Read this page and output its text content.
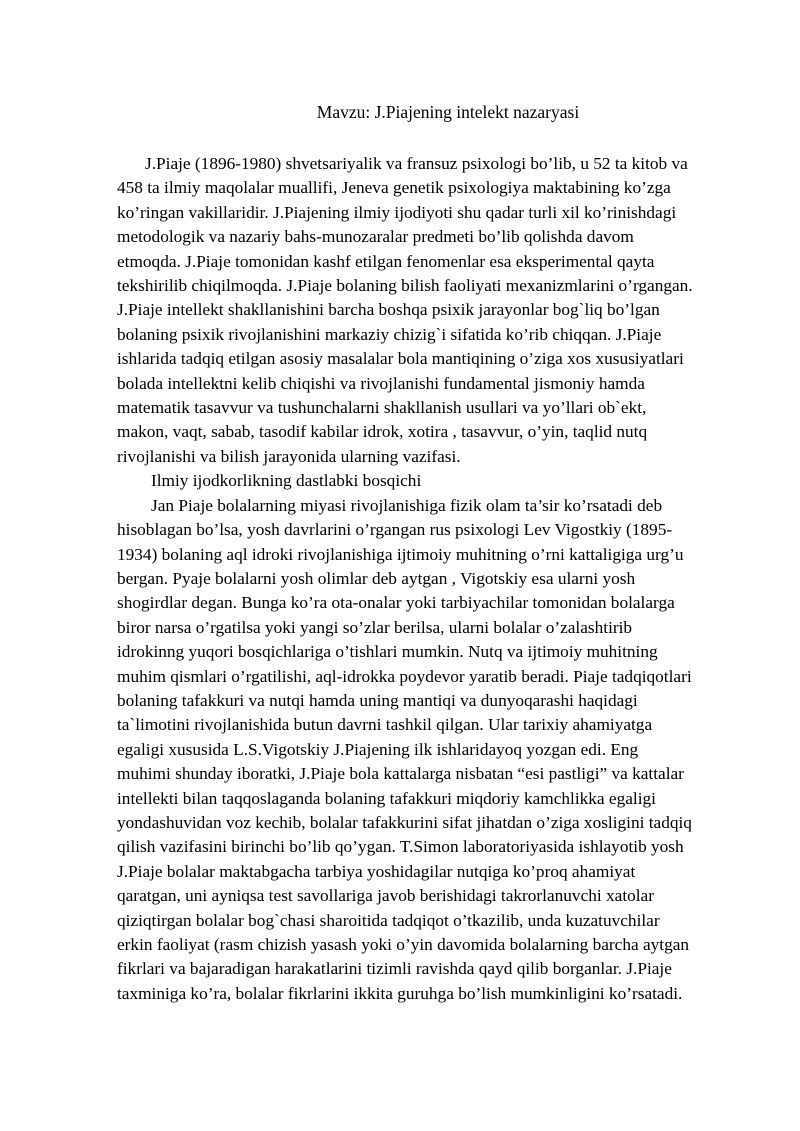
Mavzu: J.Piajening intelekt nazaryasi
J.Piaje (1896-1980) shvetsariyalik va fransuz psixologi bo’lib, u 52 ta kitob va
458 ta ilmiy maqolalar muallifi, Jeneva genetik psixologiya maktabining ko’zga
ko’ringan vakillaridir. J.Piajening ilmiy ijodiyoti shu qadar turli xil ko’rinishdagi
metodologik va nazariy bahs-munozaralar predmeti bo’lib qolishda davom
etmoqda. J.Piaje tomonidan kashf etilgan fenomenlar esa eksperimental qayta
tekshirilib chiqilmoqda. J.Piaje bolaning bilish faoliyati mexanizmlarini o’rgangan.
J.Piaje intellekt shakllanishini barcha boshqa psixik jarayonlar bog`liq bo’lgan
bolaning psixik rivojlanishini markaziy chizig`i sifatida ko’rib chiqqan. J.Piaje
ishlarida tadqiq etilgan asosiy masalalar bola mantiqining o’ziga xos xususiyatlari
bolada intellektni kelib chiqishi va rivojlanishi fundamental jismoniy hamda
matematik tasavvur va tushunchalarni shakllanish usullari va yo’llari ob`ekt,
makon, vaqt, sabab, tasodif kabilar idrok, xotira , tasavvur, o’yin, taqlid nutq
rivojlanishi va bilish jarayonida ularning vazifasi.
Ilmiy ijodkorlikning dastlabki bosqichi
Jan Piaje bolalarning miyasi rivojlanishiga fizik olam ta’sir ko’rsatadi deb
hisoblagan bo’lsa, yosh davrlarini o’rgangan rus psixologi Lev Vigostkiy (1895-
1934) bolaning aql idroki rivojlanishiga ijtimoiy muhitning o’rni kattaligiga urg’u
bergan. Pyaje bolalarni yosh olimlar deb aytgan , Vigotskiy esa ularni yosh
shogirdlar degan. Bunga ko’ra ota-onalar yoki tarbiyachilar tomonidan bolalarga
biror narsa o’rgatilsa yoki yangi so’zlar berilsa, ularni bolalar o’zalashtirib
idrokinng yuqori bosqichlariga o’tishlari mumkin. Nutq va ijtimoiy muhitning
muhim qismlari o’rgatilishi, aql-idrokka poydevor yaratib beradi. Piaje tadqiqotlari
bolaning tafakkuri va nutqi hamda uning mantiqi va dunyoqarashi haqidagi
ta`limotini rivojlanishida butun davrni tashkil qilgan. Ular tarixiy ahamiyatga
egaligi xususida L.S.Vigotskiy J.Piajening ilk ishlaridayoq yozgan edi. Eng
muhimi shunday iboratki, J.Piaje bola kattalarga nisbatan “esi pastligi” va kattalar
intellekti bilan taqqoslaganda bolaning tafakkuri miqdoriy kamchlikka egaligi
yondashuvidan voz kechib, bolalar tafakkurini sifat jihatdan o’ziga xosligini tadqiq
qilish vazifasini birinchi bo’lib qo’ygan. T.Simon laboratoriyasida ishlayotib yosh
J.Piaje bolalar maktabgacha tarbiya yoshidagilar nutqiga ko’proq ahamiyat
qaratgan, uni ayniqsa test savollariga javob berishidagi takrorlanuvchi xatolar
qiziqtirgan bolalar bog`chasi sharoitida tadqiqot o’tkazilib, unda kuzatuvchilar
erkin faoliyat (rasm chizish yasash yoki o’yin davomida bolalarning barcha aytgan
fikrlari va bajaradigan harakatlarini tizimli ravishda qayd qilib borganlar. J.Piaje
taxminiga ko’ra, bolalar fikrlarini ikkita guruhga bo’lish mumkinligini ko’rsatadi.
